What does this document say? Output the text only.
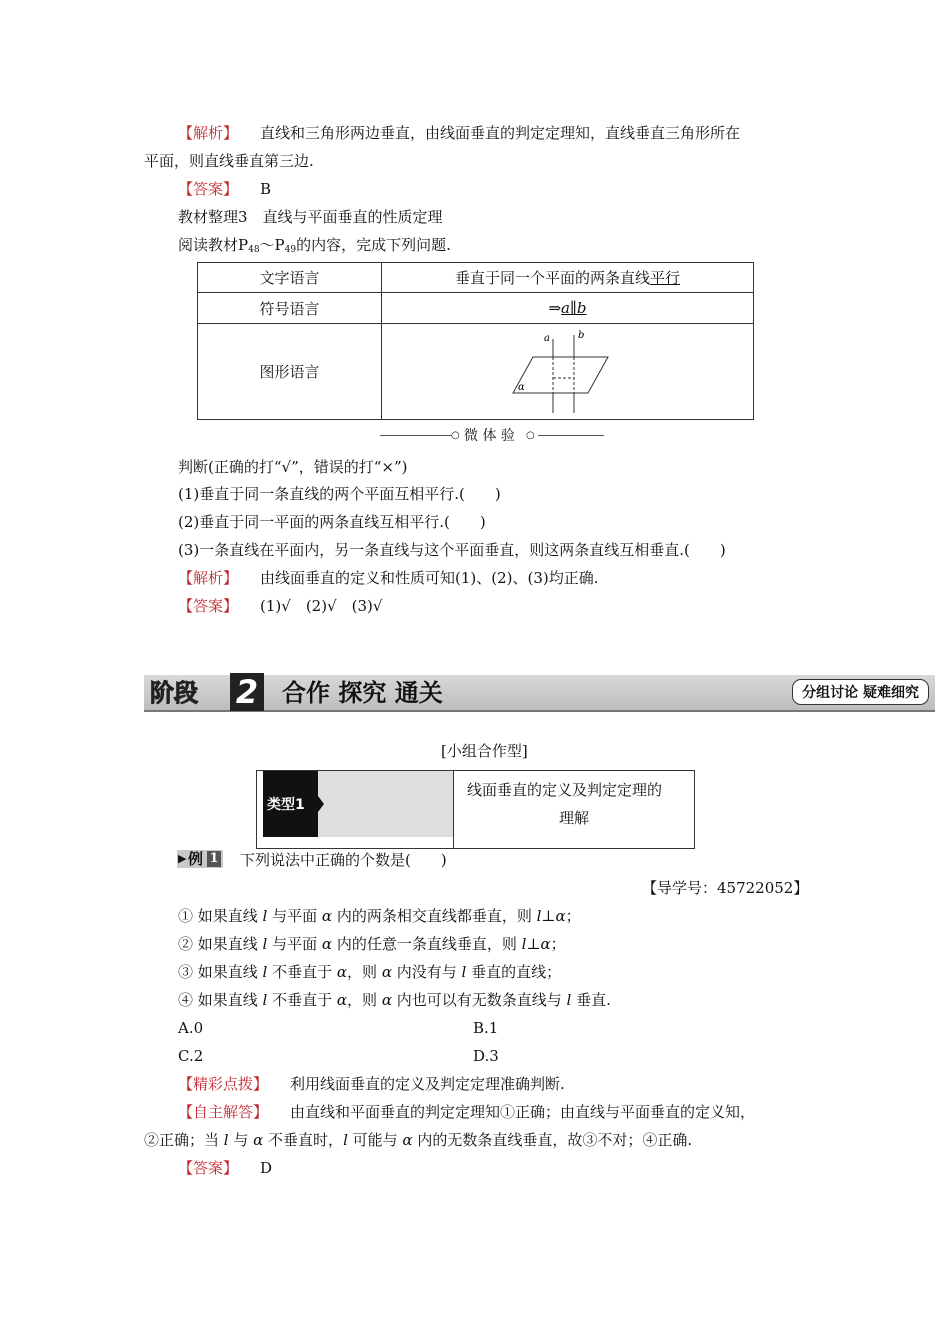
【解析】 直线和三角形两边垂直，由线面垂直的判定定理知，直线垂直三角形所在
平面，则直线垂直第三边.
【答案】 B
教材整理3　直线与平面垂直的性质定理
阅读教材$P_{48}\sim P_{49}$的内容，完成下列问题.
文字语言	垂直于同一个平面的两条直线平行
符号语言	⇒a∥b
图形语言	a b
α
○ 微 体 验 ○
判断(正确的打“√”，错误的打“×”)
(1)垂直于同一条直线的两个平面互相平行.(　　)
(2)垂直于同一平面的两条直线互相平行.(　　)
(3)一条直线在平面内，另一条直线与这个平面垂直，则这两条直线互相垂直.(　　)
【解析】 由线面垂直的定义和性质可知(1)、(2)、(3)均正确.
【答案】 (1)√　(2)√　(3)√
阶段 2 合作 探究 通关	分组讨论 疑难细究
[小组合作型]
类型1
线面垂直的定义及判定定理的
理解
▶ 例 1 下列说法中正确的个数是(　　)
【导学号：45722052】
① 如果直线 l 与平面 α 内的两条相交直线都垂直，则 l⊥α；
② 如果直线 l 与平面 α 内的任意一条直线垂直，则 l⊥α；
③ 如果直线 l 不垂直于 α，则 α 内没有与 l 垂直的直线；
④ 如果直线 l 不垂直于 α，则 α 内也可以有无数条直线与 l 垂直.
A.0	B.1
C.2	D.3
【精彩点拨】 利用线面垂直的定义及判定定理准确判断.
【自主解答】 由直线和平面垂直的判定定理知①正确；由直线与平面垂直的定义知，
②正确；当 l 与 α 不垂直时，l 可能与 α 内的无数条直线垂直，故③不对；④正确.
【答案】 D
